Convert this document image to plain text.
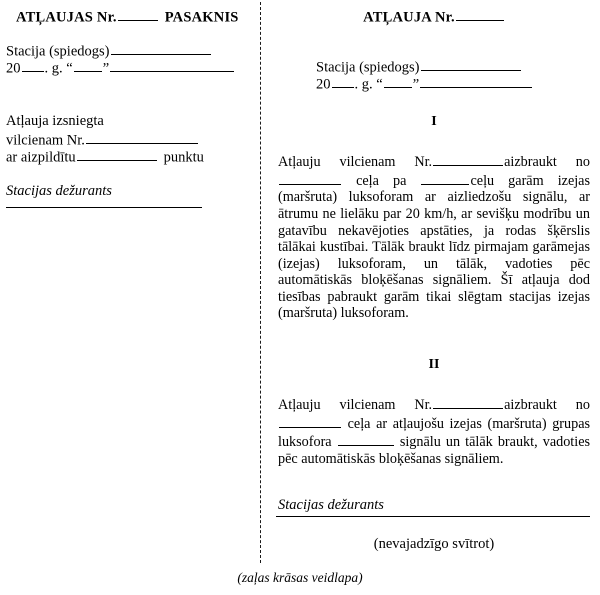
ATĻAUJAS Nr.	PASAKNIS
Stacija (spiedogs)
20 . g. “ ”
Atļauja izsniegta
vilcienam Nr.
ar aizpildītu	punktu
Stacijas dežurants
ATĻAUJA Nr.
Stacija (spiedogs)
20 . g. “ ”
I
Atļauju vilcienam Nr.	aizbraukt no  ceļa pa	ceļu garām izejas (maršruta) luksoforam ar aizliedzošu signālu, ar ātrumu ne lielāku par 20 km/h, ar sevišķu modrību un gatavību nekavējoties apstāties, ja rodas šķērslis tālākai kustībai. Tālāk braukt līdz pirmajam garāmejas (izejas) luksoforam, un tālāk, vadoties pēc automātiskās bloķēšanas signāliem. Šī atļauja dod tiesības pabraukt garām tikai slēgtam stacijas izejas (maršruta) luksoforam.
II
Atļauju vilcienam Nr.	aizbraukt no  ceļa ar atļaujošu izejas (maršruta) grupas luksofora	signālu un tālāk braukt, vadoties pēc automātiskās bloķēšanas signāliem.
Stacijas dežurants
(nevajadzīgo svītrot)
(zaļas krāsas veidlapa)
